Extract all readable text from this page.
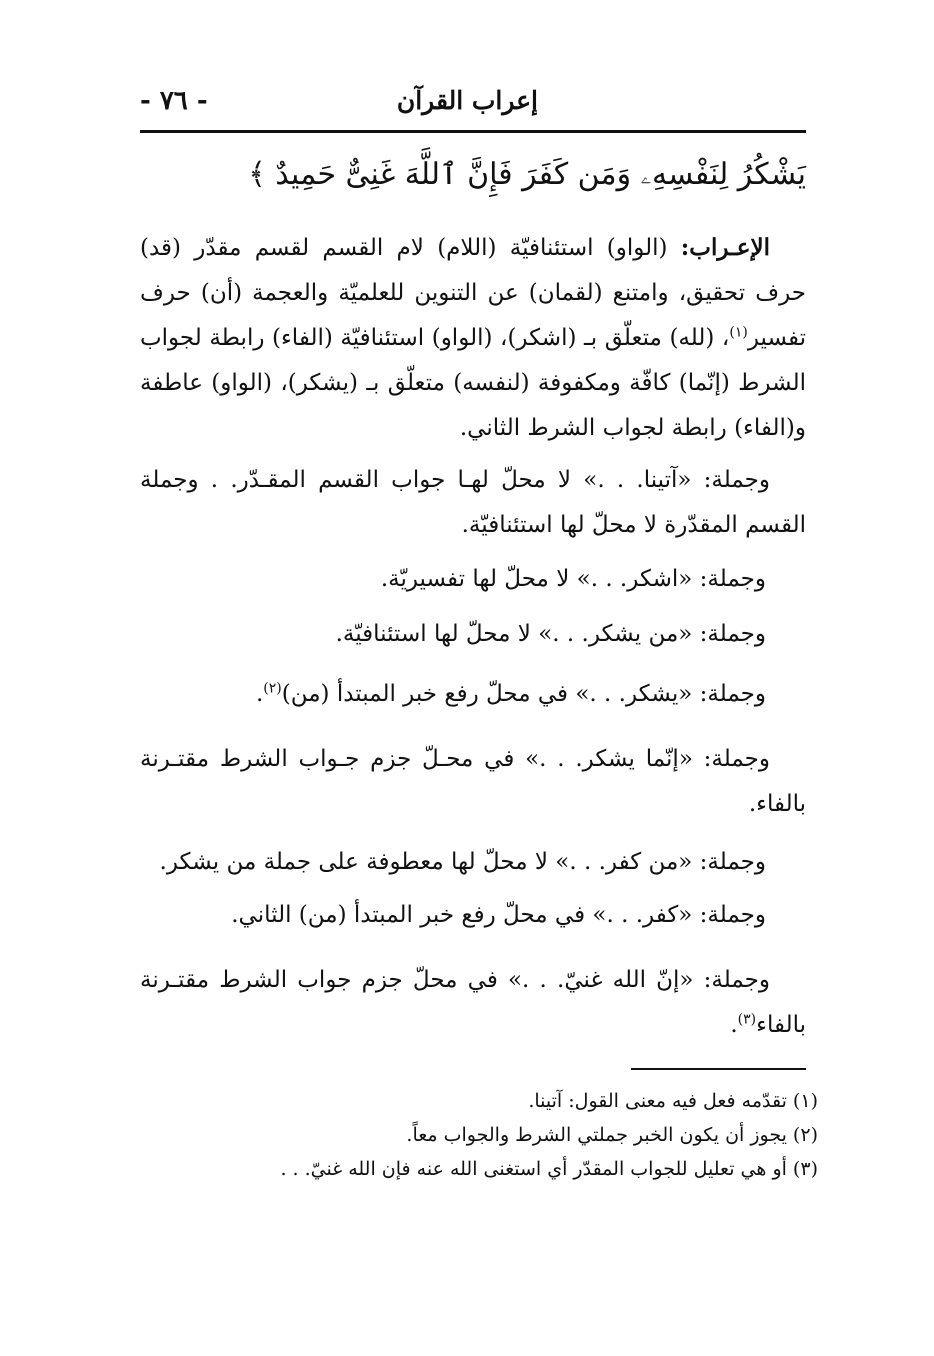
- ٧٦ -	إعراب القرآن
يَشْكُرُ لِنَفْسِهِۦ وَمَن كَفَرَ فَإِنَّ ٱللَّهَ غَنِىٌّ حَمِيدٌ ﴾
الإعـراب: (الواو) استئنافيّة (اللام) لام القسم لقسم مقدّر (قد) حرف تحقيق، وامتنع (لقمان) عن التنوين للعلميّة والعجمة (أن) حرف تفسير$^{(١)}$، (لله) متعلّق بـ (اشكر)، (الواو) استئنافيّة (الفاء) رابطة لجواب الشرط (إنّما) كافّة ومكفوفة (لنفسه) متعلّق بـ (يشكر)، (الواو) عاطفة و(الفاء) رابطة لجواب الشرط الثاني.
وجملة: «آتينا. . .» لا محلّ لهـا جواب القسم المقـدّر. . وجملة القسم المقدّرة لا محلّ لها استئنافيّة.
وجملة: «اشكر. . .» لا محلّ لها تفسيريّة.
وجملة: «من يشكر. . .» لا محلّ لها استئنافيّة.
وجملة: «يشكر. . .» في محلّ رفع خبر المبتدأ (من)$^{(٢)}$.
وجملة: «إنّما يشكر. . .» في محـلّ جزم جـواب الشرط مقتـرنة بالفاء.
وجملة: «من كفر. . .» لا محلّ لها معطوفة على جملة من يشكر.
وجملة: «كفر. . .» في محلّ رفع خبر المبتدأ (من) الثاني.
وجملة: «إنّ الله غنيّ. . .» في محلّ جزم جواب الشرط مقتـرنة بالفاء$^{(٣)}$.
(١) تقدّمه فعل فيه معنى القول: آتينا.
(٢) يجوز أن يكون الخبر جملتي الشرط والجواب معاً.
(٣) أو هي تعليل للجواب المقدّر أي استغنى الله عنه فإن الله غنيّ. . .
